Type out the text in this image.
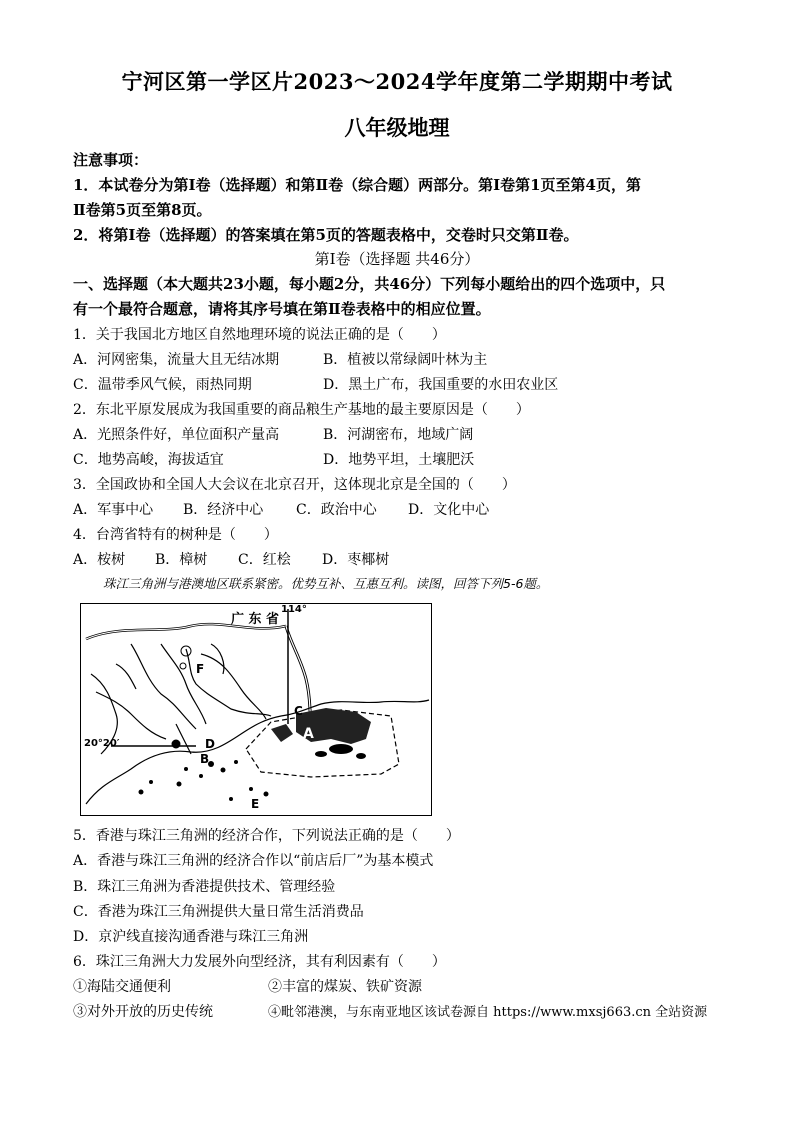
宁河区第一学区片2023～2024学年度第二学期期中考试
八年级地理
注意事项：
1．本试卷分为第Ⅰ卷（选择题）和第Ⅱ卷（综合题）两部分。第Ⅰ卷第1页至第4页，第
Ⅱ卷第5页至第8页。
2．将第Ⅰ卷（选择题）的答案填在第5页的答题表格中，交卷时只交第Ⅱ卷。
第Ⅰ卷（选择题 共46分）
一、选择题（本大题共23小题，每小题2分，共46分）下列每小题给出的四个选项中，只
有一个最符合题意，请将其序号填在第Ⅱ卷表格中的相应位置。
1．关于我国北方地区自然地理环境的说法正确的是（　　）
A．河网密集，流量大且无结冰期	B．植被以常绿阔叶林为主
C．温带季风气候，雨热同期	D．黑土广布，我国重要的水田农业区
2．东北平原发展成为我国重要的商品粮生产基地的最主要原因是（　　）
A．光照条件好，单位面积产量高	B．河湖密布，地域广阔
C．地势高峻，海拔适宜	D．地势平坦，土壤肥沃
3．全国政协和全国人大会议在北京召开，这体现北京是全国的（　　）
A．军事中心 B．经济中心 C．政治中心 D．文化中心
4．台湾省特有的树种是（　　）
A．桉树 B．樟树 C．红桧 D．枣椰树
珠江三角洲与港澳地区联系紧密。优势互补、互惠互利。读图，回答下列5-6题。
广 东 省
114°
20°20′
A
B
C
D
E
F
5．香港与珠江三角洲的经济合作，下列说法正确的是（　　）
A．香港与珠江三角洲的经济合作以“前店后厂”为基本模式
B．珠江三角洲为香港提供技术、管理经验
C．香港为珠江三角洲提供大量日常生活消费品
D．京沪线直接沟通香港与珠江三角洲
6．珠江三角洲大力发展外向型经济，其有利因素有（　　）
①海陆交通便利	②丰富的煤炭、铁矿资源
③对外开放的历史传统	④毗邻港澳，与东南亚地区该试卷源自 https://www.mxsj663.cn 全站资源
